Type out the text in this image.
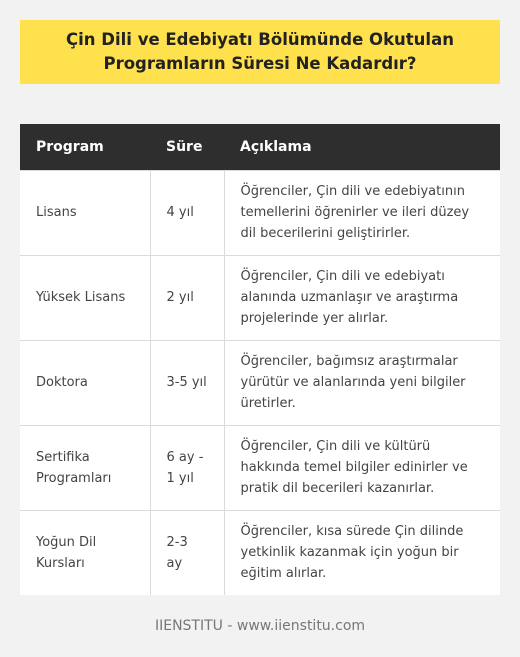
Çin Dili ve Edebiyatı Bölümünde Okutulan Programların Süresi Ne Kadardır?
Program	Süre	Açıklama
Lisans	4 yıl	Öğrenciler, Çin dili ve edebiyatının temellerini öğrenirler ve ileri düzey dil becerilerini geliştirirler.
Yüksek Lisans	2 yıl	Öğrenciler, Çin dili ve edebiyatı alanında uzmanlaşır ve araştırma projelerinde yer alırlar.
Doktora	3-5 yıl	Öğrenciler, bağımsız araştırmalar yürütür ve alanlarında yeni bilgiler üretirler.
Sertifika Programları	6 ay - 1 yıl	Öğrenciler, Çin dili ve kültürü hakkında temel bilgiler edinirler ve pratik dil becerileri kazanırlar.
Yoğun Dil Kursları	2-3 ay	Öğrenciler, kısa sürede Çin dilinde yetkinlik kazanmak için yoğun bir eğitim alırlar.
IIENSTITU - www.iienstitu.com
